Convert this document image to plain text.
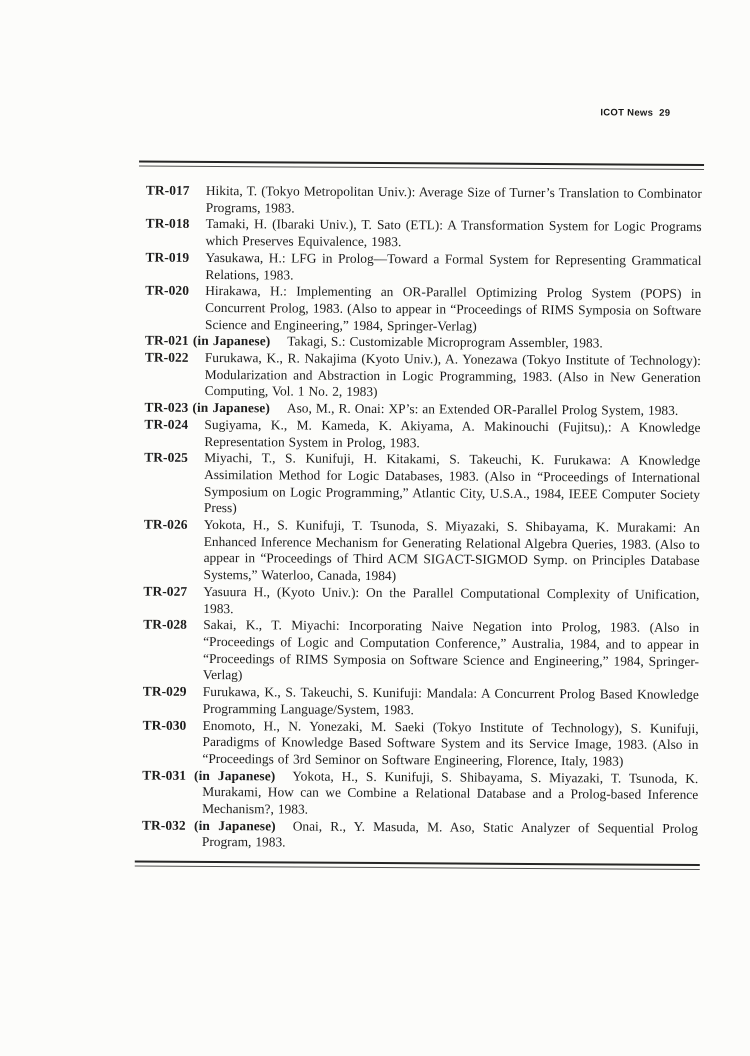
ICOT News 29

TR-017 Hikita, T. (Tokyo Metropolitan Univ.): Average Size of Turner’s Translation to Combinator Programs, 1983.

TR-018 Tamaki, H. (Ibaraki Univ.), T. Sato (ETL): A Transformation System for Logic Programs which Preserves Equivalence, 1983.

TR-019 Yasukawa, H.: LFG in Prolog—Toward a Formal System for Representing Grammatical Relations, 1983.

TR-020 Hirakawa, H.: Implementing an OR-Parallel Optimizing Prolog System (POPS) in Concurrent Prolog, 1983. (Also to appear in “Proceedings of RIMS Symposia on Software Science and Engineering,” 1984, Springer-Verlag)

TR-021 (in Japanese) Takagi, S.: Customizable Microprogram Assembler, 1983.

TR-022 Furukawa, K., R. Nakajima (Kyoto Univ.), A. Yonezawa (Tokyo Institute of Technology): Modularization and Abstraction in Logic Programming, 1983. (Also in New Generation Computing, Vol. 1 No. 2, 1983)

TR-023 (in Japanese) Aso, M., R. Onai: XP’s: an Extended OR-Parallel Prolog System, 1983.

TR-024 Sugiyama, K., M. Kameda, K. Akiyama, A. Makinouchi (Fujitsu),: A Knowledge Representation System in Prolog, 1983.

TR-025 Miyachi, T., S. Kunifuji, H. Kitakami, S. Takeuchi, K. Furukawa: A Knowledge Assimilation Method for Logic Databases, 1983. (Also in “Proceedings of International Symposium on Logic Programming,” Atlantic City, U.S.A., 1984, IEEE Computer Society Press)

TR-026 Yokota, H., S. Kunifuji, T. Tsunoda, S. Miyazaki, S. Shibayama, K. Murakami: An Enhanced Inference Mechanism for Generating Relational Algebra Queries, 1983. (Also to appear in “Proceedings of Third ACM SIGACT-SIGMOD Symp. on Principles Database Systems,” Waterloo, Canada, 1984)

TR-027 Yasuura H., (Kyoto Univ.): On the Parallel Computational Complexity of Unification, 1983.

TR-028 Sakai, K., T. Miyachi: Incorporating Naive Negation into Prolog, 1983. (Also in “Proceedings of Logic and Computation Conference,” Australia, 1984, and to appear in “Proceedings of RIMS Symposia on Software Science and Engineering,” 1984, Springer-Verlag)

TR-029 Furukawa, K., S. Takeuchi, S. Kunifuji: Mandala: A Concurrent Prolog Based Knowledge Programming Language/System, 1983.

TR-030 Enomoto, H., N. Yonezaki, M. Saeki (Tokyo Institute of Technology), S. Kunifuji, Paradigms of Knowledge Based Software System and its Service Image, 1983. (Also in “Proceedings of 3rd Seminor on Software Engineering, Florence, Italy, 1983)

TR-031 (in Japanese) Yokota, H., S. Kunifuji, S. Shibayama, S. Miyazaki, T. Tsunoda, K. Murakami, How can we Combine a Relational Database and a Prolog-based Inference Mechanism?, 1983.

TR-032 (in Japanese) Onai, R., Y. Masuda, M. Aso, Static Analyzer of Sequential Prolog Program, 1983.
